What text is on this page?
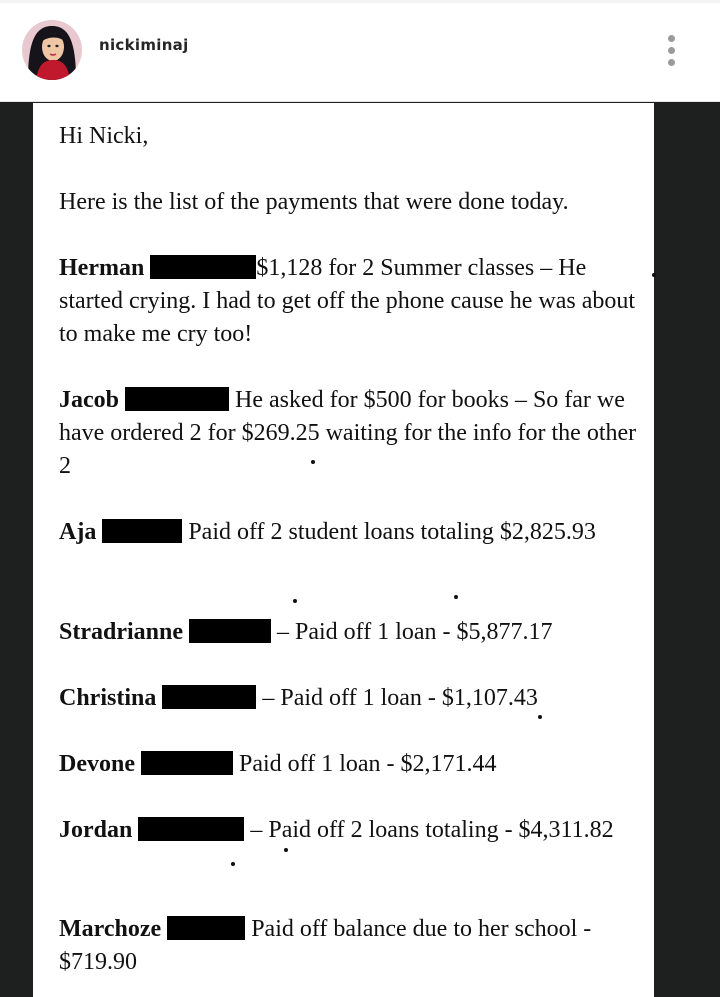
nickiminaj

Hi Nicki,

Here is the list of the payments that were done today.

Herman	$1,128 for 2 Summer classes – He started crying. I had to get off the phone cause he was about to make me cry too!

Jacob	He asked for $500 for books – So far we have ordered 2 for $269.25 waiting for the info for the other 2

Aja	Paid off 2 student loans totaling $2,825.93

Stradrianne	– Paid off 1 loan - $5,877.17

Christina	– Paid off 1 loan - $1,107.43

Devone	Paid off 1 loan - $2,171.44

Jordan	– Paid off 2 loans totaling - $4,311.82

Marchoze	Paid off balance due to her school - $719.90
